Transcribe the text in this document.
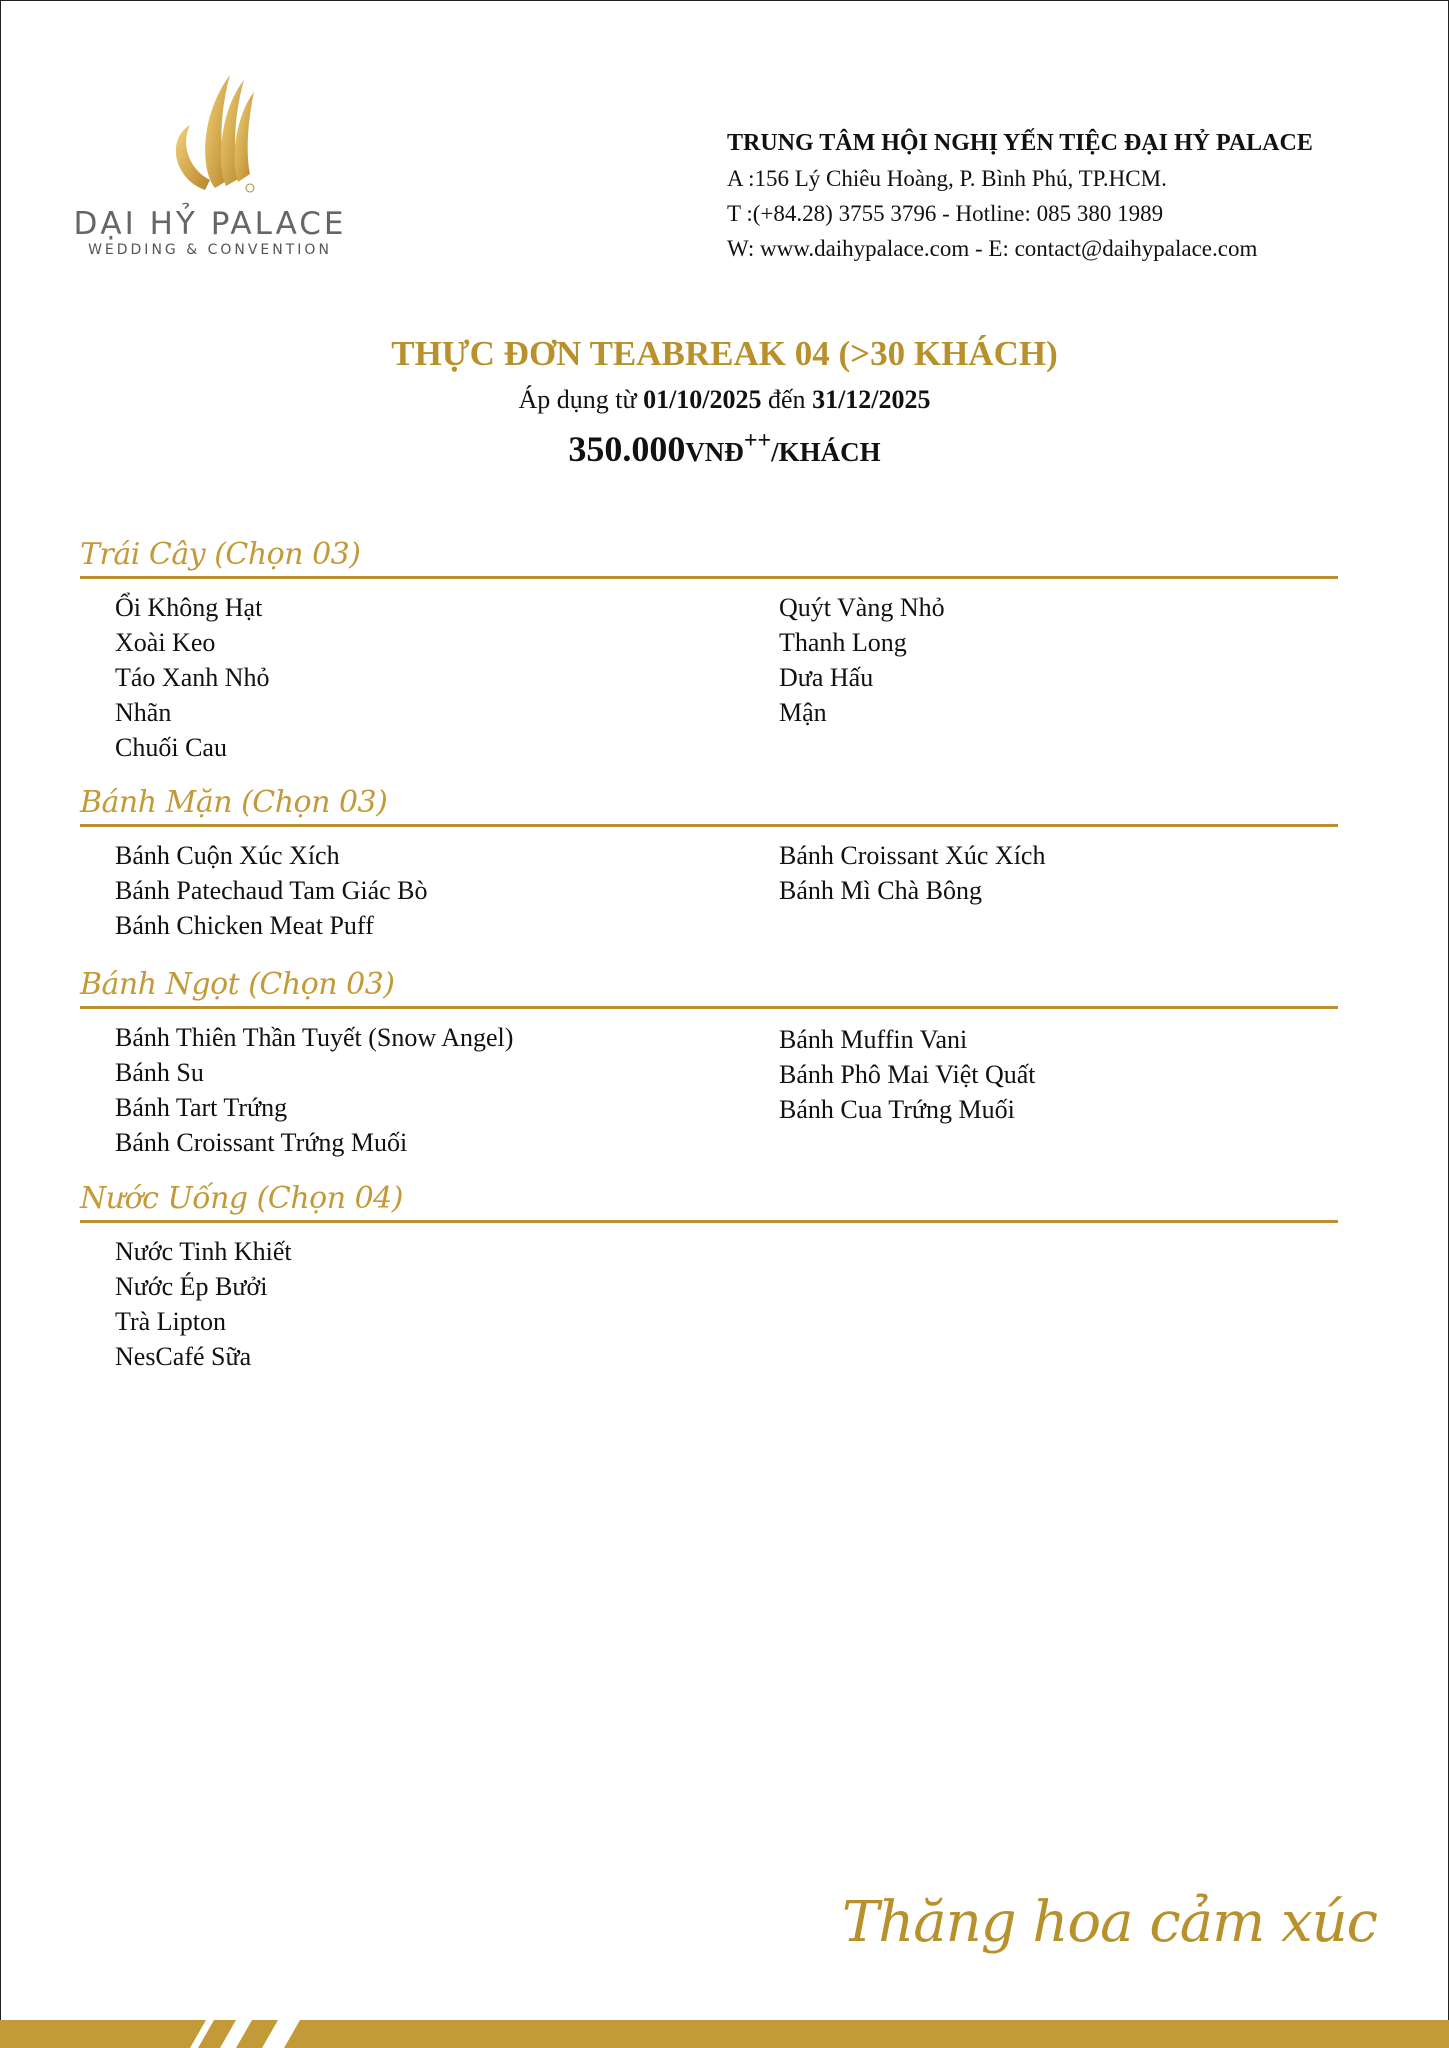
DẠI HỶ PALACE
WEDDING & CONVENTION
TRUNG TÂM HỘI NGHỊ YẾN TIỆC ĐẠI HỶ PALACE
A :156 Lý Chiêu Hoàng, P. Bình Phú, TP.HCM.
T :(+84.28) 3755 3796 - Hotline: 085 380 1989
W: www.daihypalace.com - E: contact@daihypalace.com
THỰC ĐƠN TEABREAK 04 (>30 KHÁCH)
Áp dụng từ 01/10/2025 đến 31/12/2025
350.000VNĐ++/KHÁCH
Trái Cây (Chọn 03)
Ổi Không Hạt
Xoài Keo
Táo Xanh Nhỏ
Nhãn
Chuối Cau
Quýt Vàng Nhỏ
Thanh Long
Dưa Hấu
Mận
Bánh Mặn (Chọn 03)
Bánh Cuộn Xúc Xích
Bánh Patechaud Tam Giác Bò
Bánh Chicken Meat Puff
Bánh Croissant Xúc Xích
Bánh Mì Chà Bông
Bánh Ngọt (Chọn 03)
Bánh Thiên Thần Tuyết (Snow Angel)
Bánh Su
Bánh Tart Trứng
Bánh Croissant Trứng Muối
Bánh Muffin Vani
Bánh Phô Mai Việt Quất
Bánh Cua Trứng Muối
Nước Uống (Chọn 04)
Nước Tinh Khiết
Nước Ép Bưởi
Trà Lipton
NesCafé Sữa
Thăng hoa cảm xúc
